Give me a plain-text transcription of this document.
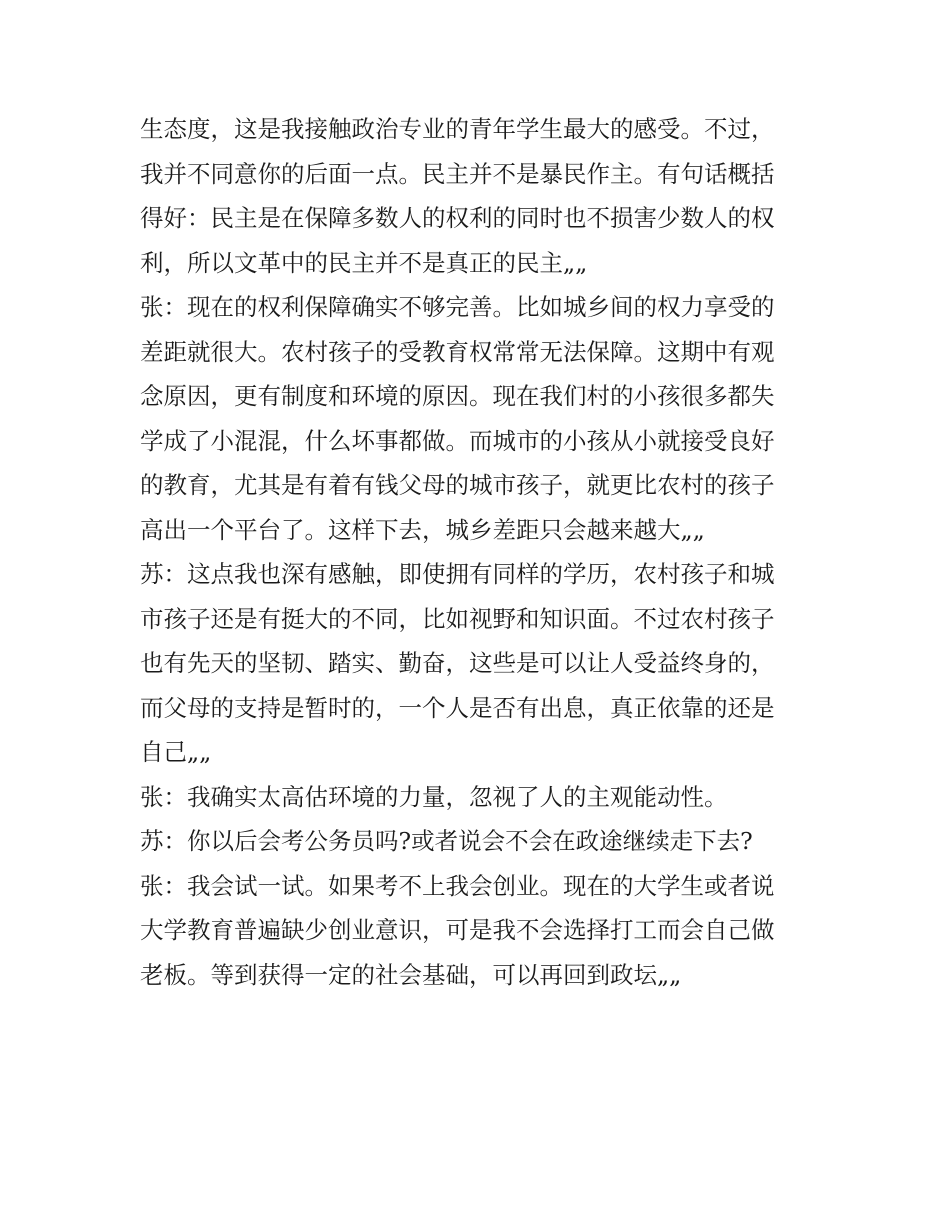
生态度，这是我接触政治专业的青年学生最大的感受。不过，
我并不同意你的后面一点。民主并不是暴民作主。有句话概括
得好：民主是在保障多数人的权利的同时也不损害少数人的权
利，所以文革中的民主并不是真正的民主„„
张：现在的权利保障确实不够完善。比如城乡间的权力享受的
差距就很大。农村孩子的受教育权常常无法保障。这期中有观
念原因，更有制度和环境的原因。现在我们村的小孩很多都失
学成了小混混，什么坏事都做。而城市的小孩从小就接受良好
的教育，尤其是有着有钱父母的城市孩子，就更比农村的孩子
高出一个平台了。这样下去，城乡差距只会越来越大„„
苏：这点我也深有感触，即使拥有同样的学历，农村孩子和城
市孩子还是有挺大的不同，比如视野和知识面。不过农村孩子
也有先天的坚韧、踏实、勤奋，这些是可以让人受益终身的，
而父母的支持是暂时的，一个人是否有出息，真正依靠的还是
自己„„
张：我确实太高估环境的力量，忽视了人的主观能动性。
苏：你以后会考公务员吗?或者说会不会在政途继续走下去?
张：我会试一试。如果考不上我会创业。现在的大学生或者说
大学教育普遍缺少创业意识，可是我不会选择打工而会自己做
老板。等到获得一定的社会基础，可以再回到政坛„„
